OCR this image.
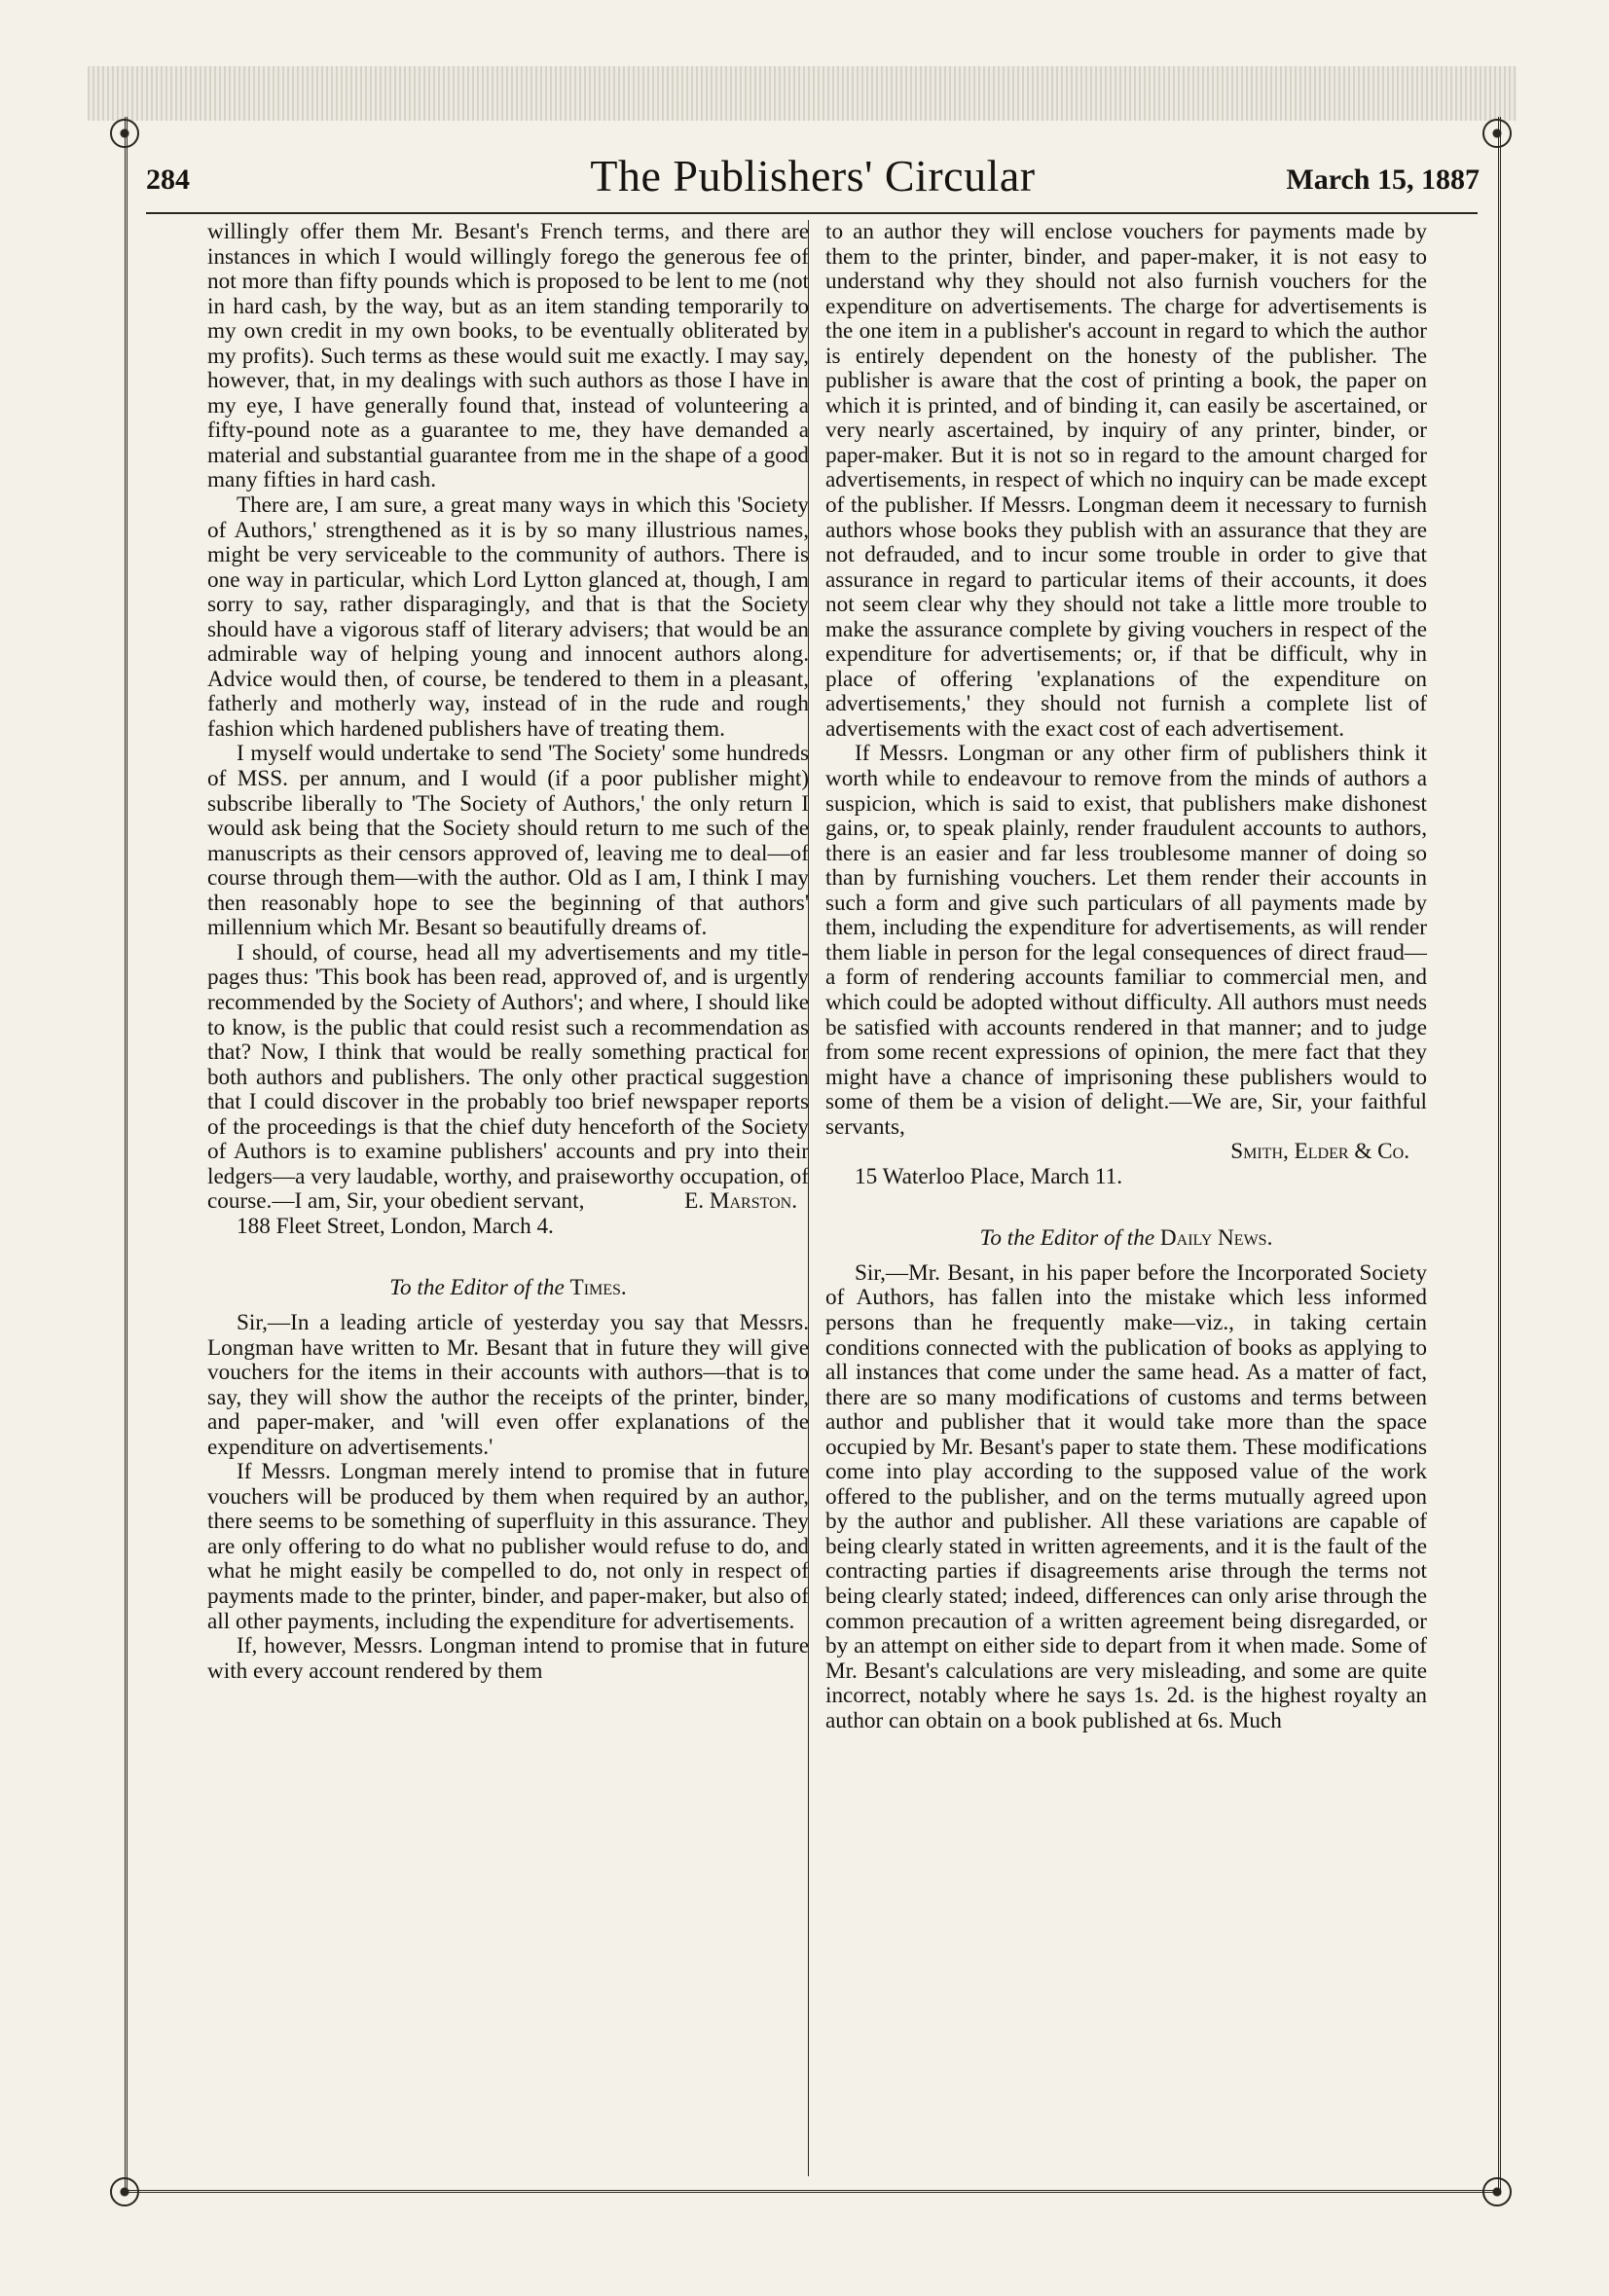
284	The Publishers' Circular	March 15, 1887

willingly offer them Mr. Besant's French terms, and there are instances in which I would willingly forego the generous fee of not more than fifty pounds which is proposed to be lent to me (not in hard cash, by the way, but as an item standing temporarily to my own credit in my own books, to be eventually obliterated by my profits). Such terms as these would suit me exactly. I may say, however, that, in my dealings with such authors as those I have in my eye, I have generally found that, instead of volunteering a fifty-pound note as a guarantee to me, they have demanded a material and substantial guarantee from me in the shape of a good many fifties in hard cash.

There are, I am sure, a great many ways in which this 'Society of Authors,' strengthened as it is by so many illustrious names, might be very serviceable to the community of authors. There is one way in particular, which Lord Lytton glanced at, though, I am sorry to say, rather disparagingly, and that is that the Society should have a vigorous staff of literary advisers; that would be an admirable way of helping young and innocent authors along. Advice would then, of course, be tendered to them in a pleasant, fatherly and motherly way, instead of in the rude and rough fashion which hardened publishers have of treating them.

I myself would undertake to send 'The Society' some hundreds of MSS. per annum, and I would (if a poor publisher might) subscribe liberally to 'The Society of Authors,' the only return I would ask being that the Society should return to me such of the manuscripts as their censors approved of, leaving me to deal—of course through them—with the author. Old as I am, I think I may then reasonably hope to see the beginning of that authors' millennium which Mr. Besant so beautifully dreams of.

I should, of course, head all my advertisements and my title-pages thus: 'This book has been read, approved of, and is urgently recommended by the Society of Authors'; and where, I should like to know, is the public that could resist such a recommendation as that? Now, I think that would be really something practical for both authors and publishers. The only other practical suggestion that I could discover in the probably too brief newspaper reports of the proceedings is that the chief duty henceforth of the Society of Authors is to examine publishers' accounts and pry into their ledgers—a very laudable, worthy, and praiseworthy occupation, of course.—I am, Sir, your obedient servant,	E. Marston.

188 Fleet Street, London, March 4.

To the Editor of the Times.

Sir,—In a leading article of yesterday you say that Messrs. Longman have written to Mr. Besant that in future they will give vouchers for the items in their accounts with authors—that is to say, they will show the author the receipts of the printer, binder, and paper-maker, and 'will even offer explanations of the expenditure on advertisements.'

If Messrs. Longman merely intend to promise that in future vouchers will be produced by them when required by an author, there seems to be something of superfluity in this assurance. They are only offering to do what no publisher would refuse to do, and what he might easily be compelled to do, not only in respect of payments made to the printer, binder, and paper-maker, but also of all other payments, including the expenditure for advertisements.

If, however, Messrs. Longman intend to promise that in future with every account rendered by them

to an author they will enclose vouchers for payments made by them to the printer, binder, and paper-maker, it is not easy to understand why they should not also furnish vouchers for the expenditure on advertisements. The charge for advertisements is the one item in a publisher's account in regard to which the author is entirely dependent on the honesty of the publisher. The publisher is aware that the cost of printing a book, the paper on which it is printed, and of binding it, can easily be ascertained, or very nearly ascertained, by inquiry of any printer, binder, or paper-maker. But it is not so in regard to the amount charged for advertisements, in respect of which no inquiry can be made except of the publisher. If Messrs. Longman deem it necessary to furnish authors whose books they publish with an assurance that they are not defrauded, and to incur some trouble in order to give that assurance in regard to particular items of their accounts, it does not seem clear why they should not take a little more trouble to make the assurance complete by giving vouchers in respect of the expenditure for advertisements; or, if that be difficult, why in place of offering 'explanations of the expenditure on advertisements,' they should not furnish a complete list of advertisements with the exact cost of each advertisement.

If Messrs. Longman or any other firm of publishers think it worth while to endeavour to remove from the minds of authors a suspicion, which is said to exist, that publishers make dishonest gains, or, to speak plainly, render fraudulent accounts to authors, there is an easier and far less troublesome manner of doing so than by furnishing vouchers. Let them render their accounts in such a form and give such particulars of all payments made by them, including the expenditure for advertisements, as will render them liable in person for the legal consequences of direct fraud—a form of rendering accounts familiar to commercial men, and which could be adopted without difficulty. All authors must needs be satisfied with accounts rendered in that manner; and to judge from some recent expressions of opinion, the mere fact that they might have a chance of imprisoning these publishers would to some of them be a vision of delight.—We are, Sir, your faithful servants,

Smith, Elder & Co.

15 Waterloo Place, March 11.

To the Editor of the Daily News.

Sir,—Mr. Besant, in his paper before the Incorporated Society of Authors, has fallen into the mistake which less informed persons than he frequently make—viz., in taking certain conditions connected with the publication of books as applying to all instances that come under the same head. As a matter of fact, there are so many modifications of customs and terms between author and publisher that it would take more than the space occupied by Mr. Besant's paper to state them. These modifications come into play according to the supposed value of the work offered to the publisher, and on the terms mutually agreed upon by the author and publisher. All these variations are capable of being clearly stated in written agreements, and it is the fault of the contracting parties if disagreements arise through the terms not being clearly stated; indeed, differences can only arise through the common precaution of a written agreement being disregarded, or by an attempt on either side to depart from it when made. Some of Mr. Besant's calculations are very misleading, and some are quite incorrect, notably where he says 1s. 2d. is the highest royalty an author can obtain on a book published at 6s. Much
